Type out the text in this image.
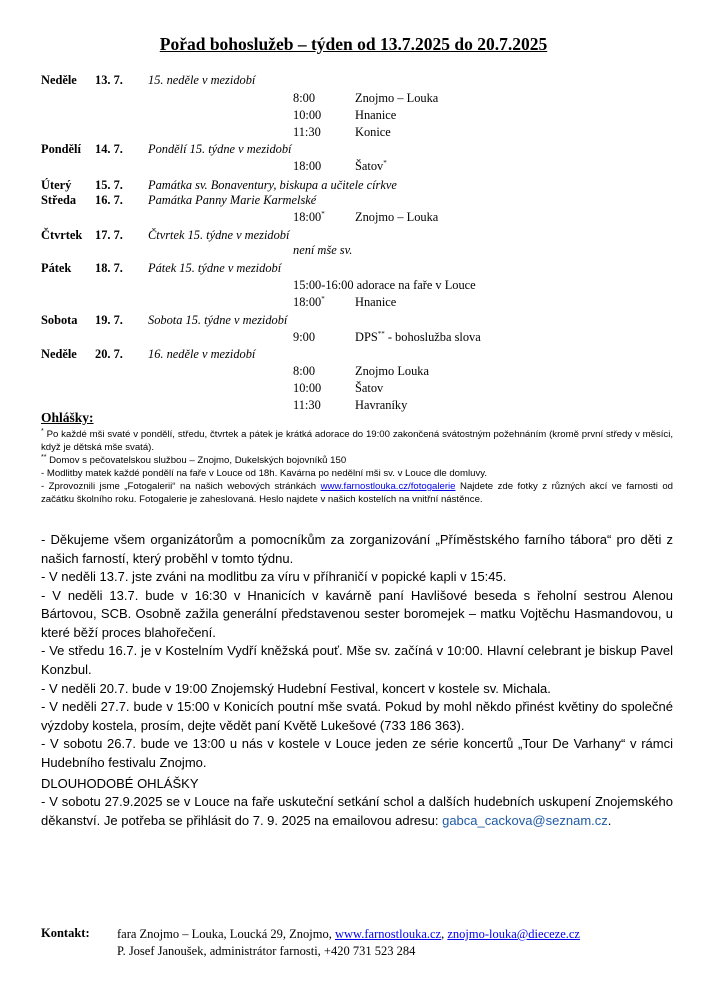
Pořad bohoslužeb – týden od 13.7.2025 do 20.7.2025
Neděle 13. 7. 15. neděle v mezidobí
8:00	Znojmo – Louka
10:00	Hnanice
11:30	Konice
Pondělí 14. 7. Pondělí 15. týdne v mezidobí
18:00	Šatov*
Úterý 15. 7. Památka sv. Bonaventury, biskupa a učitele církve
Středa 16. 7. Památka Panny Marie Karmelské
18:00* Znojmo – Louka
Čtvrtek 17. 7. Čtvrtek 15. týdne v mezidobí
není mše sv.
Pátek 18. 7. Pátek 15. týdne v mezidobí
15:00-16:00 adorace na faře v Louce
18:00* Hnanice
Sobota 19. 7. Sobota 15. týdne v mezidobí
9:00	DPS** - bohoslužba slova
Neděle 20. 7. 16. neděle v mezidobí
8:00	Znojmo Louka
10:00	Šatov
11:30	Havraníky
Ohlášky:
* Po každé mši svaté v pondělí, středu, čtvrtek a pátek je krátká adorace do 19:00 zakončená svátostným požehnáním (kromě první středy v měsíci, když je dětská mše svatá).
** Domov s pečovatelskou službou – Znojmo, Dukelských bojovníků 150
- Modlitby matek každé pondělí na faře v Louce od 18h. Kavárna po nedělní mši sv. v Louce dle domluvy.
- Zprovoznili jsme „Fotogalerii“ na našich webových stránkách www.farnostlouka.cz/fotogalerie Najdete zde fotky z různých akcí ve farnosti od začátku školního roku. Fotogalerie je zaheslovaná. Heslo najdete v našich kostelích na vnitřní nástěnce.

- Děkujeme všem organizátorům a pomocníkům za zorganizování „Příměstského farního tábora“ pro děti z našich farností, který proběhl v tomto týdnu.

- V neděli 13.7. jste zváni na modlitbu za víru v příhraničí v popické kapli v 15:45.

- V neděli 13.7. bude v 16:30 v Hnanicích v kavárně paní Havlišové beseda s řeholní sestrou Alenou Bártovou, SCB. Osobně zažila generální představenou sester boromejek – matku Vojtěchu Hasmandovou, u které běží proces blahořečení.

- Ve středu 16.7. je v Kostelním Vydří kněžská pouť. Mše sv. začíná v 10:00. Hlavní celebrant je biskup Pavel Konzbul.

- V neděli 20.7. bude v 19:00 Znojemský Hudební Festival, koncert v kostele sv. Michala.

- V neděli 27.7. bude v 15:00 v Konicích poutní mše svatá. Pokud by mohl někdo přinést květiny do společné výzdoby kostela, prosím, dejte vědět paní Květě Lukešové (733 186 363).

- V sobotu 26.7. bude ve 13:00 u nás v kostele v Louce jeden ze série koncertů „Tour De Varhany“ v rámci Hudebního festivalu Znojmo.

DLOUHODOBÉ OHLÁŠKY

- V sobotu 27.9.2025 se v Louce na faře uskuteční setkání schol a dalších hudebních uskupení Znojemského děkanství. Je potřeba se přihlásit do 7. 9. 2025 na emailovou adresu: gabca_cackova@seznam.cz.

Kontakt: fara Znojmo – Louka, Loucká 29, Znojmo, www.farnostlouka.cz, znojmo-louka@dieceze.cz
P. Josef Janoušek, administrátor farnosti, +420 731 523 284
